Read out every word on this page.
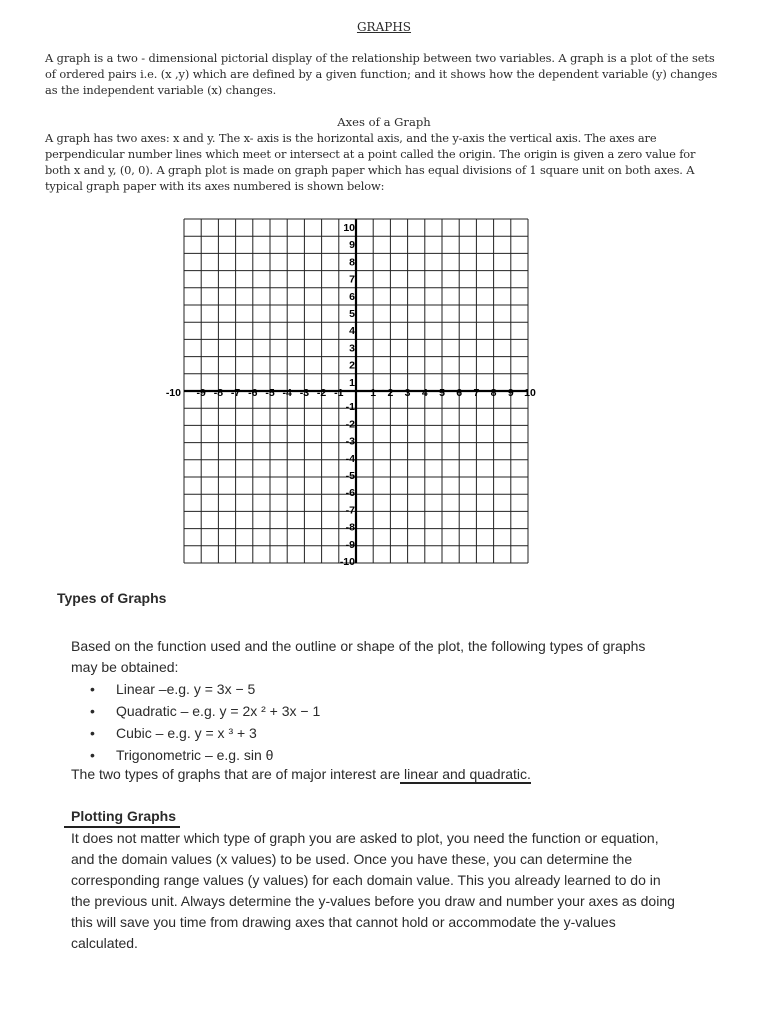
GRAPHS
A graph is a two - dimensional pictorial display of the relationship between two variables. A graph is a plot of the sets of ordered pairs i.e. (x ,y) which are defined by a given function; and it shows how the dependent variable (y) changes as the independent variable (x) changes.
Axes of a Graph
A graph has two axes: x and y. The x- axis is the horizontal axis, and the y-axis the vertical axis. The axes are perpendicular number lines which meet or intersect at a point called the origin. The origin is given a zero value for both x and y, (0, 0). A graph plot is made on graph paper which has equal divisions of 1 square unit on both axes. A typical graph paper with its axes numbered is shown below:
-10 -9 -8 -7 -6 -5 -4 -3 -2 -1	1 2 3 4 5 6 7 8 9 10
10
9
8
7
6
5
4
3
2
1
-1
-2
-3
-4
-5
-6
-7
-8
-9
-10
Types of Graphs
Based on the function used and the outline or shape of the plot, the following types of graphs may be obtained:
• Linear –e.g. y = 3x − 5
• Quadratic – e.g. y = 2x ² + 3x − 1
• Cubic – e.g. y = x ³ + 3
• Trigonometric – e.g. sin θ
The two types of graphs that are of major interest are linear and quadratic.
Plotting Graphs
It does not matter which type of graph you are asked to plot, you need the function or equation, and the domain values (x values) to be used. Once you have these, you can determine the corresponding range values (y values) for each domain value. This you already learned to do in the previous unit. Always determine the y-values before you draw and number your axes as doing this will save you time from drawing axes that cannot hold or accommodate the y-values calculated.
